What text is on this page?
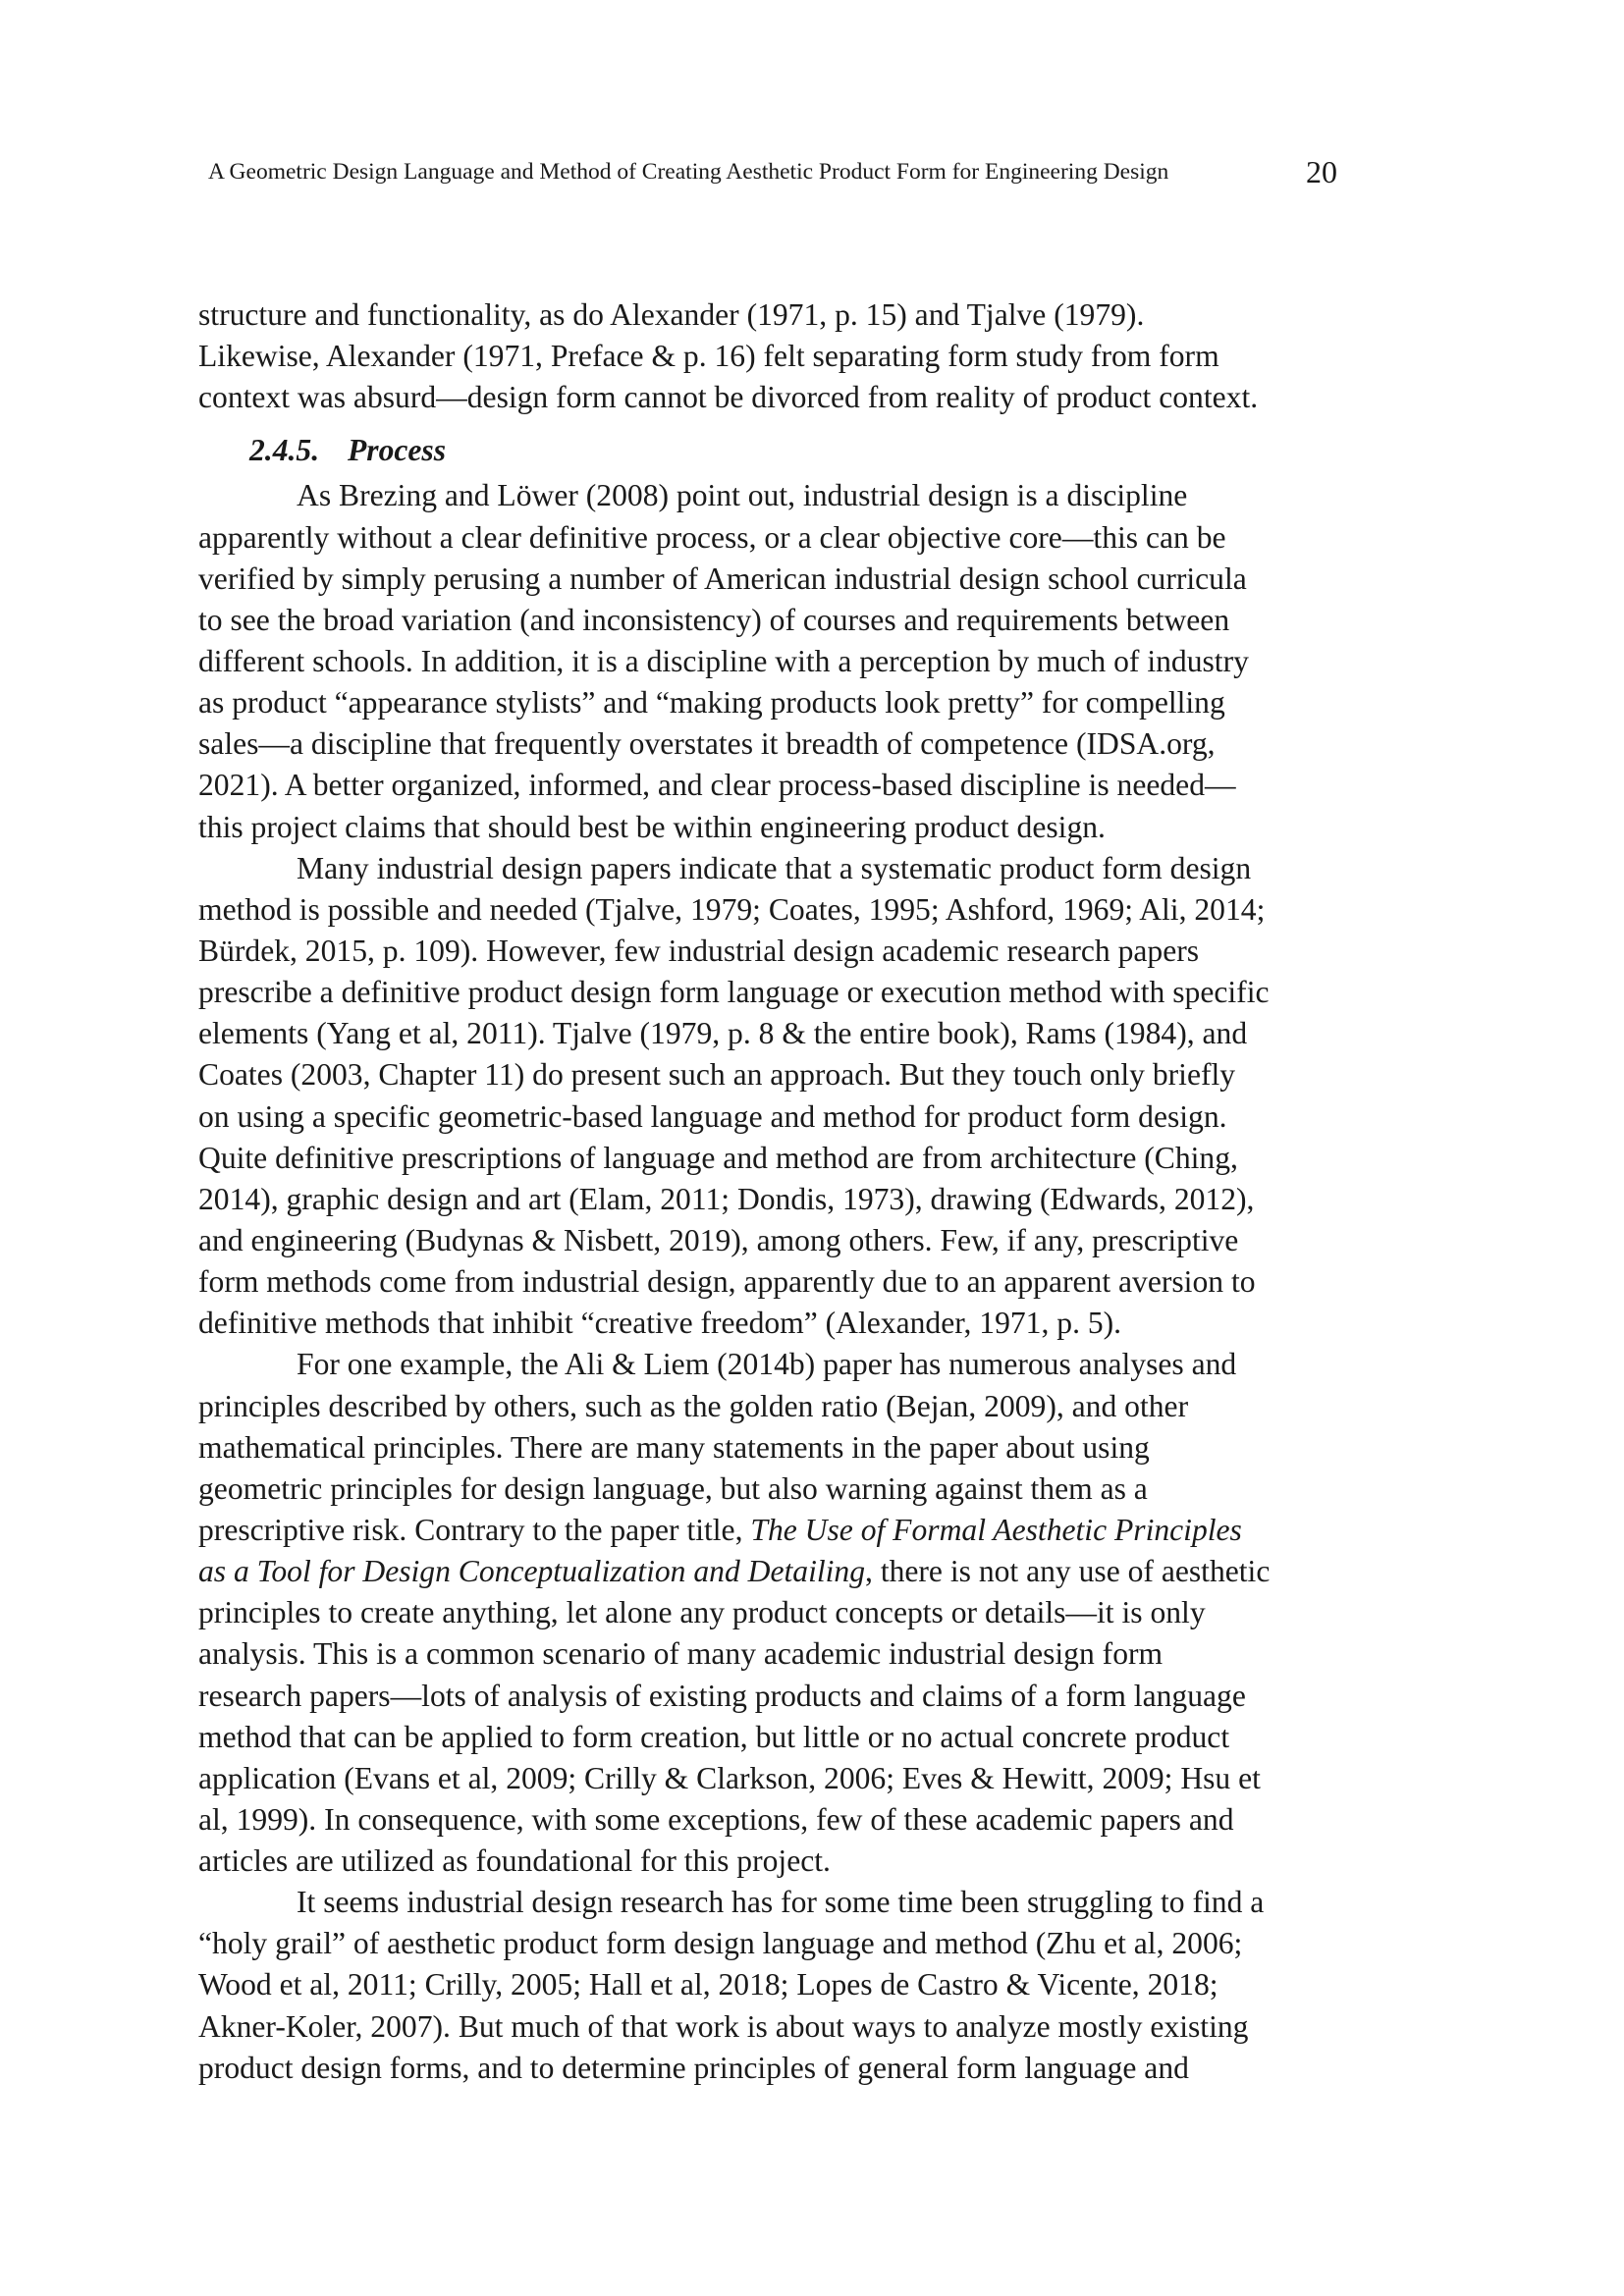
A Geometric Design Language and Method of Creating Aesthetic Product Form for Engineering Design	20

structure and functionality, as do Alexander (1971, p. 15) and Tjalve (1979).
Likewise, Alexander (1971, Preface & p. 16) felt separating form study from form
context was absurd—design form cannot be divorced from reality of product context.

2.4.5. Process

As Brezing and Löwer (2008) point out, industrial design is a discipline
apparently without a clear definitive process, or a clear objective core—this can be
verified by simply perusing a number of American industrial design school curricula
to see the broad variation (and inconsistency) of courses and requirements between
different schools. In addition, it is a discipline with a perception by much of industry
as product “appearance stylists” and “making products look pretty” for compelling
sales—a discipline that frequently overstates it breadth of competence (IDSA.org,
2021). A better organized, informed, and clear process-based discipline is needed—
this project claims that should best be within engineering product design.

Many industrial design papers indicate that a systematic product form design
method is possible and needed (Tjalve, 1979; Coates, 1995; Ashford, 1969; Ali, 2014;
Bürdek, 2015, p. 109). However, few industrial design academic research papers
prescribe a definitive product design form language or execution method with specific
elements (Yang et al, 2011). Tjalve (1979, p. 8 & the entire book), Rams (1984), and
Coates (2003, Chapter 11) do present such an approach. But they touch only briefly
on using a specific geometric-based language and method for product form design.
Quite definitive prescriptions of language and method are from architecture (Ching,
2014), graphic design and art (Elam, 2011; Dondis, 1973), drawing (Edwards, 2012),
and engineering (Budynas & Nisbett, 2019), among others. Few, if any, prescriptive
form methods come from industrial design, apparently due to an apparent aversion to
definitive methods that inhibit “creative freedom” (Alexander, 1971, p. 5).

For one example, the Ali & Liem (2014b) paper has numerous analyses and
principles described by others, such as the golden ratio (Bejan, 2009), and other
mathematical principles. There are many statements in the paper about using
geometric principles for design language, but also warning against them as a
prescriptive risk. Contrary to the paper title, The Use of Formal Aesthetic Principles
as a Tool for Design Conceptualization and Detailing, there is not any use of aesthetic
principles to create anything, let alone any product concepts or details—it is only
analysis. This is a common scenario of many academic industrial design form
research papers—lots of analysis of existing products and claims of a form language
method that can be applied to form creation, but little or no actual concrete product
application (Evans et al, 2009; Crilly & Clarkson, 2006; Eves & Hewitt, 2009; Hsu et
al, 1999). In consequence, with some exceptions, few of these academic papers and
articles are utilized as foundational for this project.

It seems industrial design research has for some time been struggling to find a
“holy grail” of aesthetic product form design language and method (Zhu et al, 2006;
Wood et al, 2011; Crilly, 2005; Hall et al, 2018; Lopes de Castro & Vicente, 2018;
Akner-Koler, 2007). But much of that work is about ways to analyze mostly existing
product design forms, and to determine principles of general form language and
